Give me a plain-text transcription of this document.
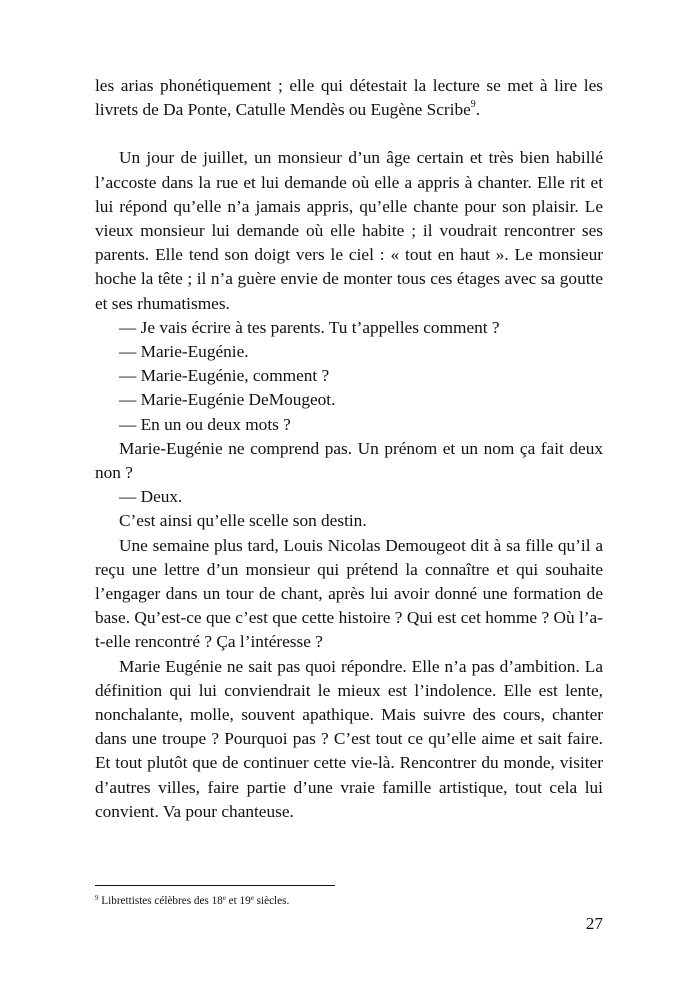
les arias phonétiquement ; elle qui détestait la lecture se met à lire les livrets de Da Ponte, Catulle Mendès ou Eugène Scribe$^9$.

Un jour de juillet, un monsieur d’un âge certain et très bien habillé l’accoste dans la rue et lui demande où elle a appris à chanter. Elle rit et lui répond qu’elle n’a jamais appris, qu’elle chante pour son plaisir. Le vieux monsieur lui demande où elle habite ; il voudrait rencontrer ses parents. Elle tend son doigt vers le ciel : « tout en haut ». Le monsieur hoche la tête ; il n’a guère envie de monter tous ces étages avec sa goutte et ses rhumatismes.

— Je vais écrire à tes parents. Tu t’appelles comment ?

— Marie-Eugénie.

— Marie-Eugénie, comment ?

— Marie-Eugénie DeMougeot.

— En un ou deux mots ?

Marie-Eugénie ne comprend pas. Un prénom et un nom ça fait deux non ?

— Deux.

C’est ainsi qu’elle scelle son destin.

Une semaine plus tard, Louis Nicolas Demougeot dit à sa fille qu’il a reçu une lettre d’un monsieur qui prétend la connaître et qui souhaite l’engager dans un tour de chant, après lui avoir donné une formation de base. Qu’est-ce que c’est que cette histoire ? Qui est cet homme ? Où l’a-t-elle rencontré ? Ça l’intéresse ?

Marie Eugénie ne sait pas quoi répondre. Elle n’a pas d’ambition. La définition qui lui conviendrait le mieux est l’indolence. Elle est lente, nonchalante, molle, souvent apathique. Mais suivre des cours, chanter dans une troupe ? Pourquoi pas ? C’est tout ce qu’elle aime et sait faire. Et tout plutôt que de continuer cette vie-là. Rencontrer du monde, visiter d’autres villes, faire partie d’une vraie famille artistique, tout cela lui convient. Va pour chanteuse.

$^9$ Librettistes célèbres des 18e et 19e siècles.
27
